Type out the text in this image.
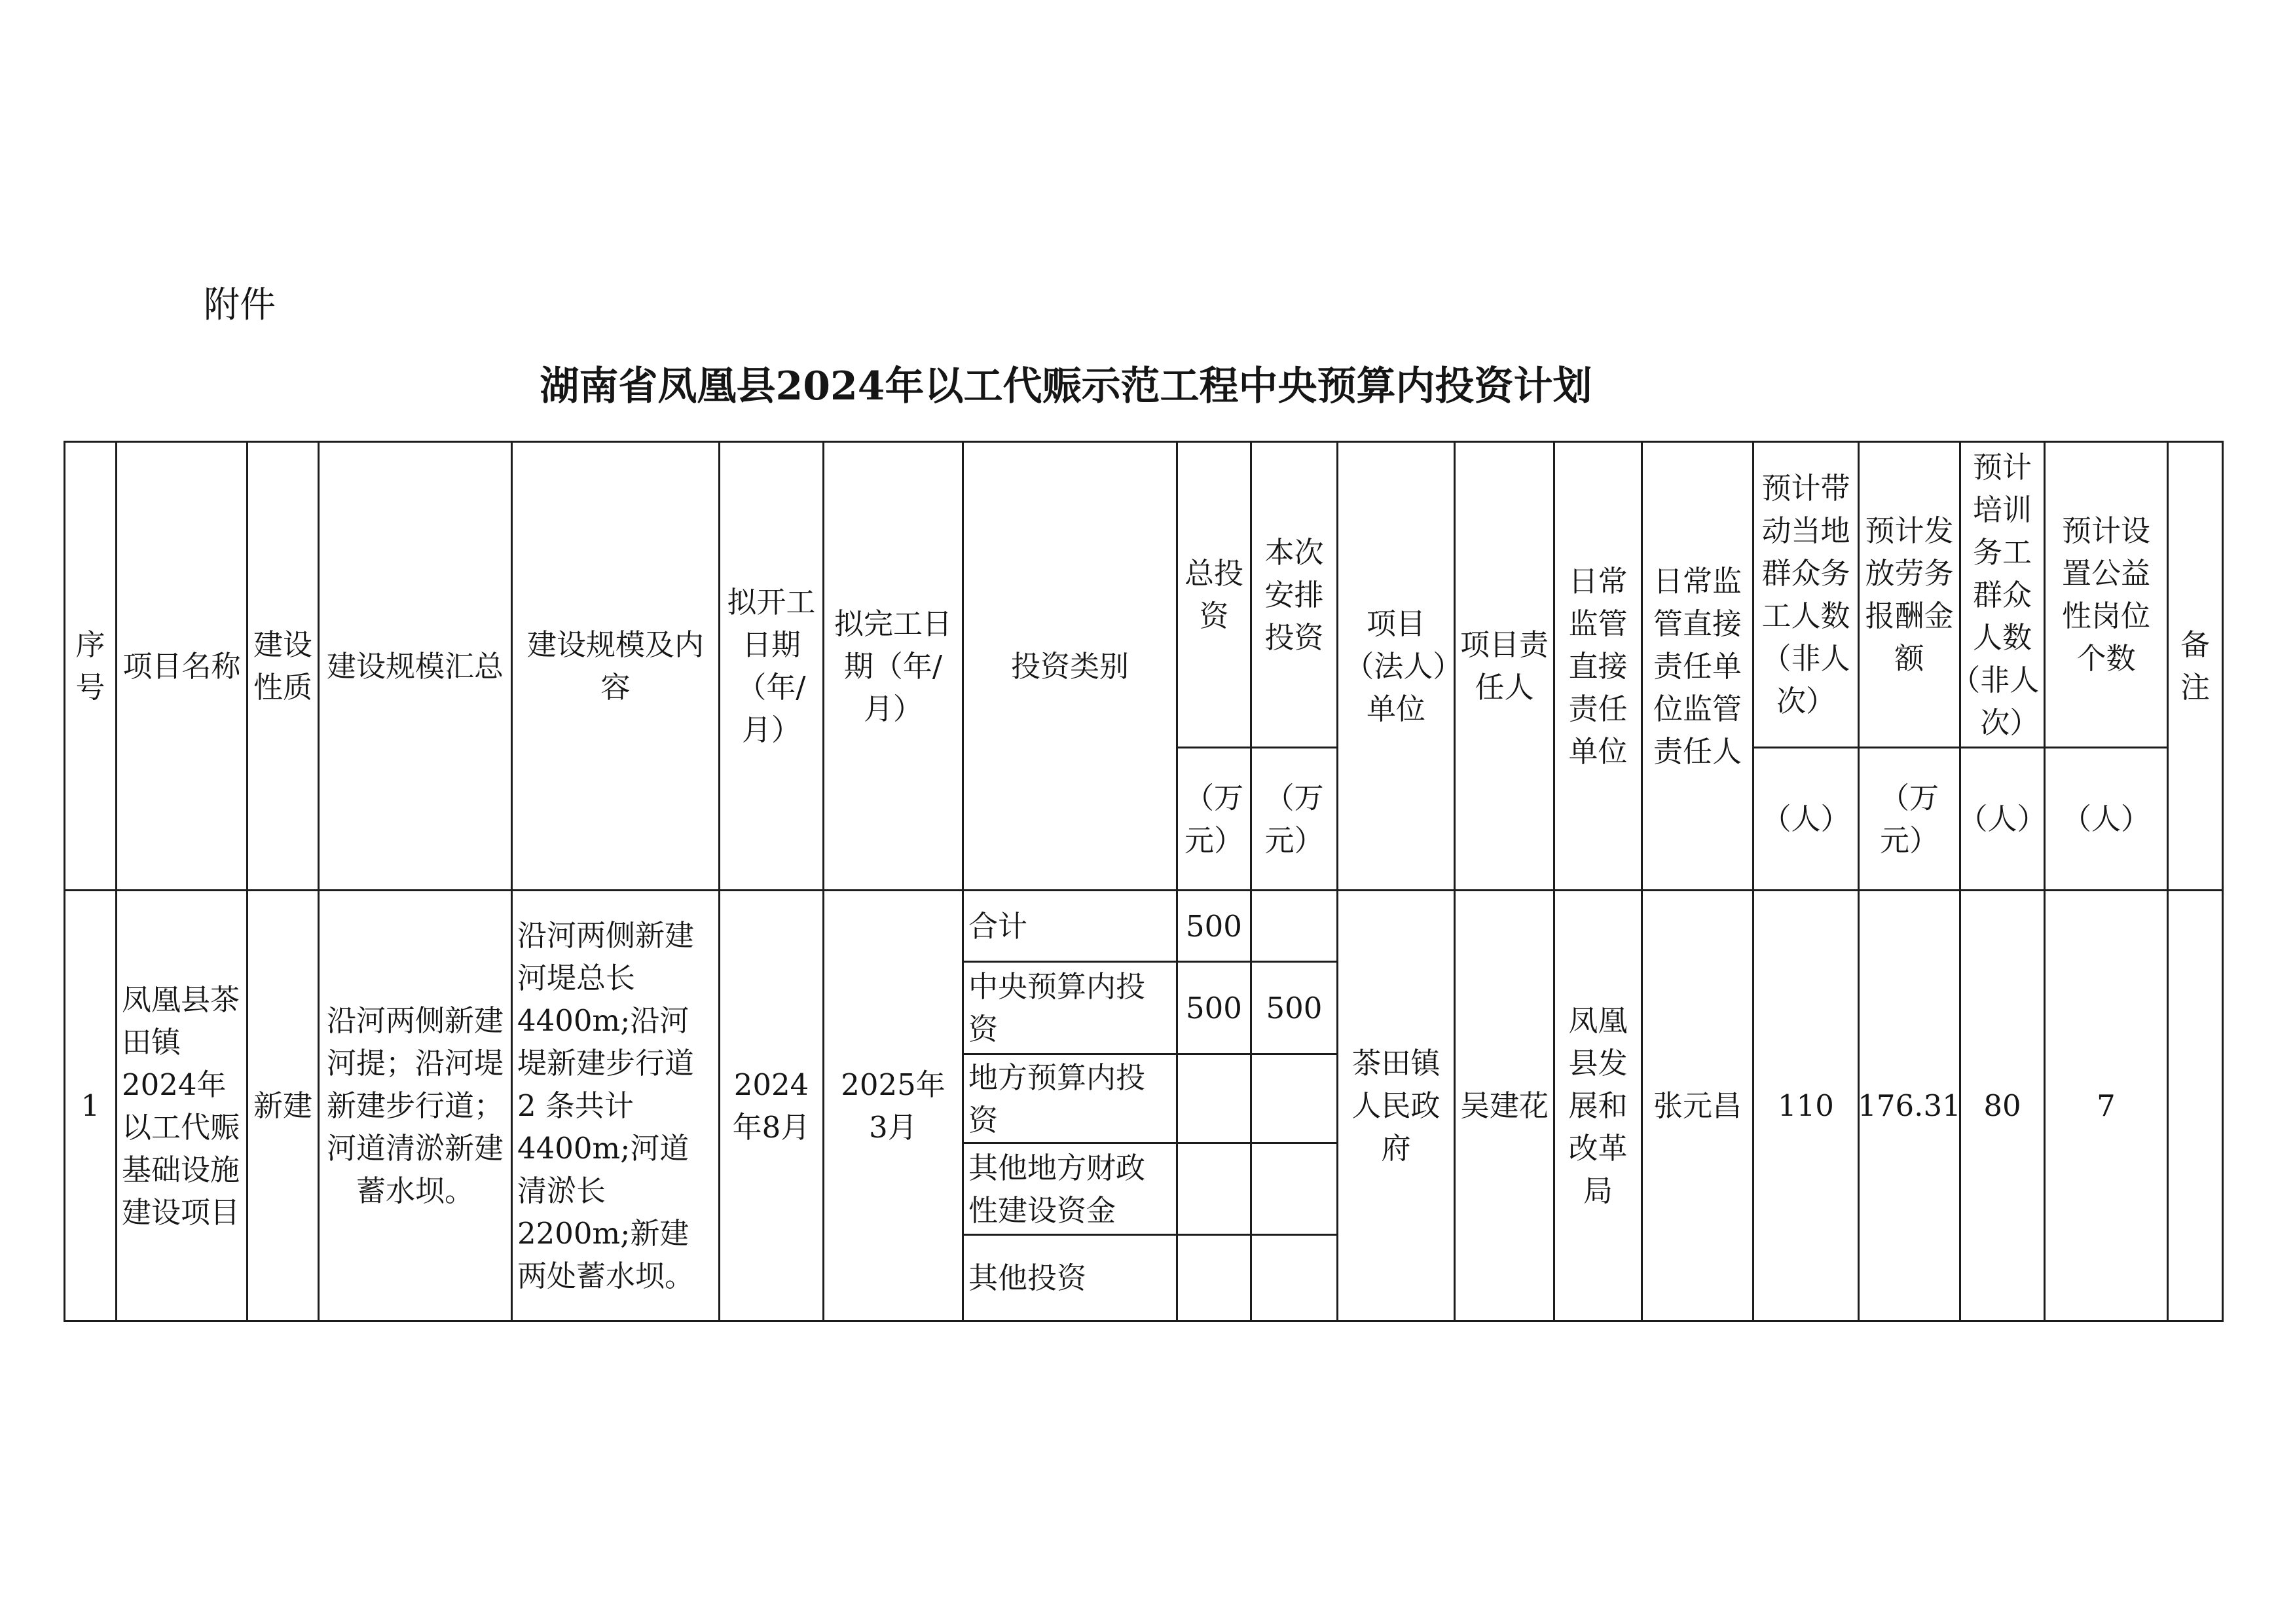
附件
湖南省凤凰县2024年以工代赈示范工程中央预算内投资计划
序号
项目名称
建设性质
建设规模汇总
建设规模及内容
拟开工日期（年/月）
拟完工日期（年/月）
投资类别
总投资
（万元）
本次安排投资
（万元）
项目（法人）单位
项目责任人
日常监管直接责任单位
日常监管直接责任单位监管责任人
预计带动当地群众务工人数（非人次）
（人）
预计发放劳务报酬金额
（万元）
预计培训务工群众人数（非人次）
（人）
预计设置公益性岗位个数
（人）
备注
1
凤凰县茶田镇2024年以工代赈基础设施建设项目
新建
沿河两侧新建河提；沿河堤新建步行道；河道清淤新建蓄水坝。
沿河两侧新建河堤总长4400m;沿河堤新建步行道 2 条共计 4400m;河道清淤长2200m;新建两处蓄水坝。
2024年8月
2025年3月
合计	500
中央预算内投资
500 500
地方预算内投资
其他地方财政性建设资金
其他投资
茶田镇人民政府
吴建花
凤凰县发展和改革局
张元昌 110 176.31 80	7
